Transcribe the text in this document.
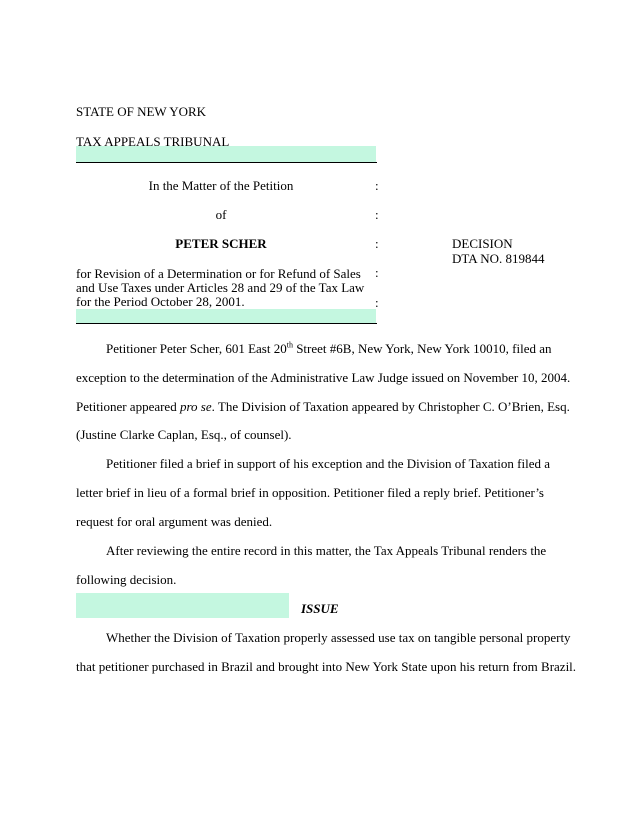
STATE OF NEW YORK
TAX APPEALS TRIBUNAL
In the Matter of the Petition
of
PETER SCHER
for Revision of a Determination or for Refund of Sales
and Use Taxes under Articles 28 and 29 of the Tax Law
for the Period October 28, 2001.
:
:
:
:
:
DECISION
DTA NO. 819844
Petitioner Peter Scher, 601 East 20th Street #6B, New York, New York 10010, filed an
exception to the determination of the Administrative Law Judge issued on November 10, 2004.
Petitioner appeared pro se. The Division of Taxation appeared by Christopher C. O’Brien, Esq.
(Justine Clarke Caplan, Esq., of counsel).
Petitioner filed a brief in support of his exception and the Division of Taxation filed a
letter brief in lieu of a formal brief in opposition. Petitioner filed a reply brief. Petitioner’s
request for oral argument was denied.
After reviewing the entire record in this matter, the Tax Appeals Tribunal renders the
following decision.
ISSUE
Whether the Division of Taxation properly assessed use tax on tangible personal property
that petitioner purchased in Brazil and brought into New York State upon his return from Brazil.
